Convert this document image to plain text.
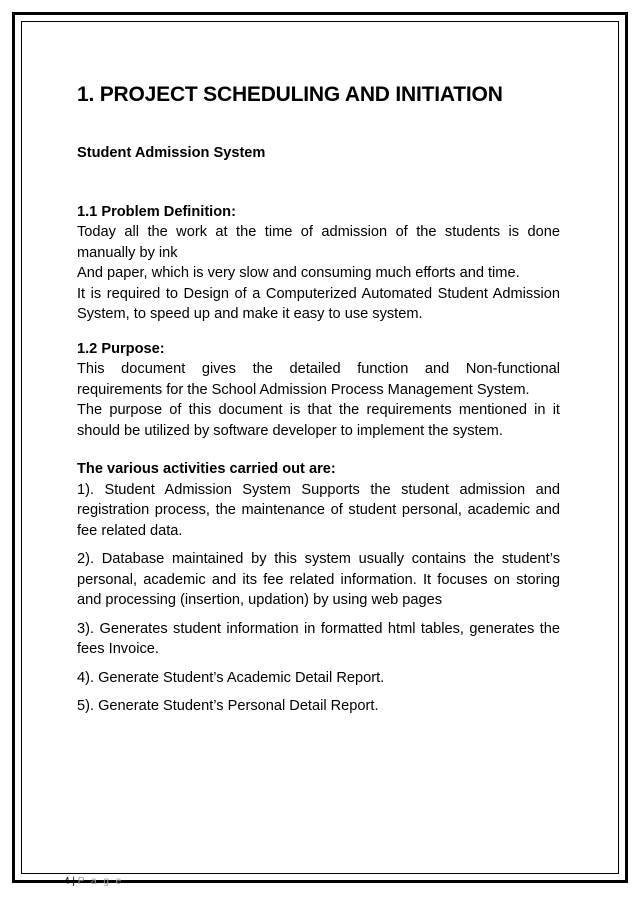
1. PROJECT SCHEDULING AND INITIATION
Student Admission System
1.1 Problem Definition:

Today all the work at the time of admission of the students is done manually by ink

And paper, which is very slow and consuming much efforts and time.

It is required to Design of a Computerized Automated Student Admission System, to speed up and make it easy to use system.

1.2 Purpose:

This document gives the detailed function and Non-functional requirements for the School Admission Process Management System.

The purpose of this document is that the requirements mentioned in it should be utilized by software developer to implement the system.

The various activities carried out are:

1). Student Admission System Supports the student admission and registration process, the maintenance of student personal, academic and fee related data.

2). Database maintained by this system usually contains the student’s personal, academic and its fee related information. It focuses on storing and processing (insertion, updation) by using web pages

3). Generates student information in formatted html tables, generates the fees Invoice.

4). Generate Student’s Academic Detail Report.

5). Generate Student’s Personal Detail Report.

4 | P a g e
